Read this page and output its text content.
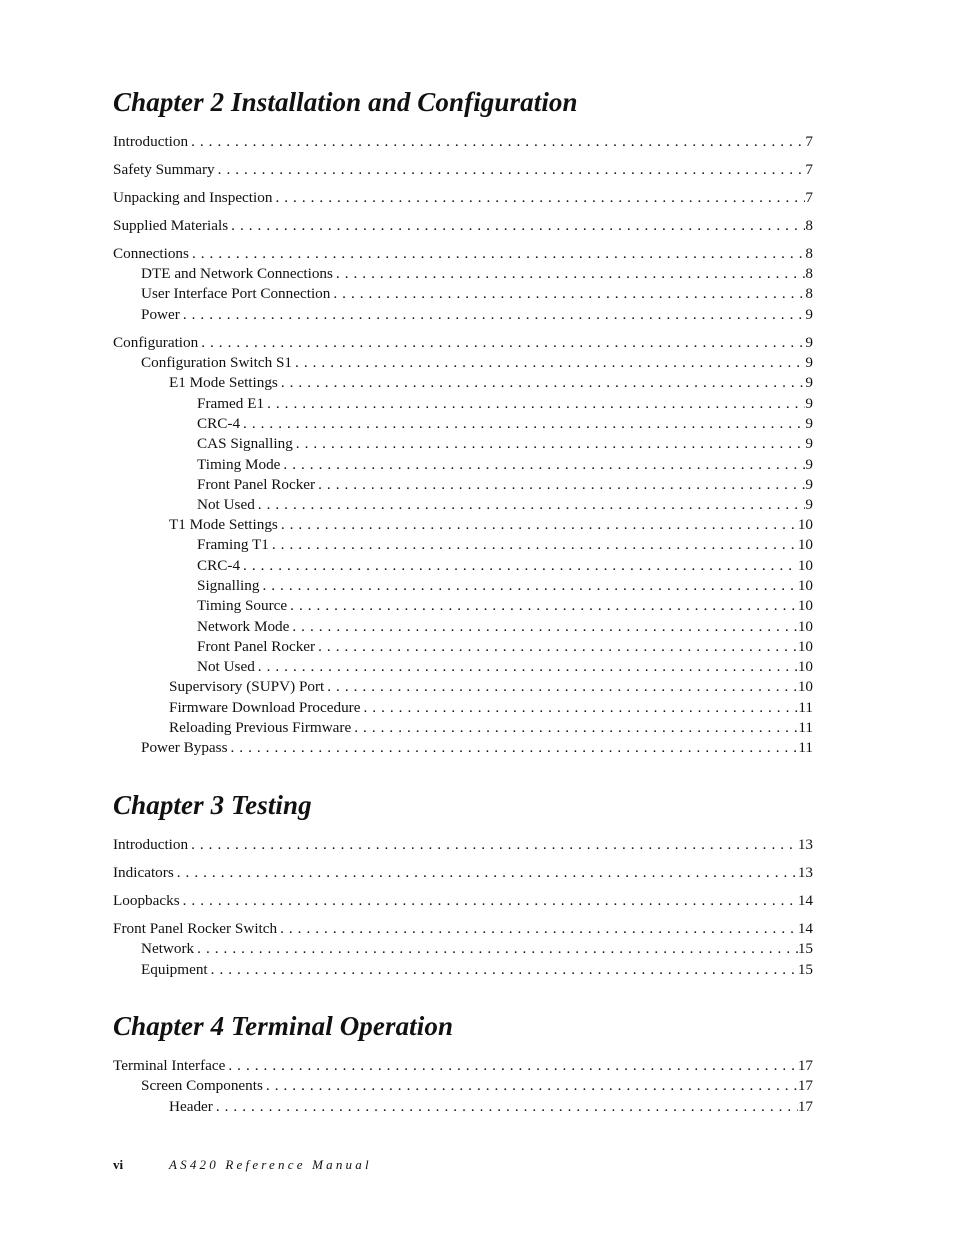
Chapter 2 Installation and Configuration
Introduction . . .	7
Safety Summary . . .	7
Unpacking and Inspection . . .	7
Supplied Materials . . .	8
Connections . . .	8
DTE and Network Connections . . .	8
User Interface Port Connection . . .	8
Power . . .	9
Configuration . . .	9
Configuration Switch S1 . . .	9
E1 Mode Settings . . .	9
Framed E1 . . .	9
CRC-4 . . .	9
CAS Signalling . . .	9
Timing Mode . . .	9
Front Panel Rocker . . .	9
Not Used . . .	9
T1 Mode Settings . . .	10
Framing T1 . . .	10
CRC-4 . . .	10
Signalling . . .	10
Timing Source . . .	10
Network Mode . . .	10
Front Panel Rocker . . .	10
Not Used . . .	10
Supervisory (SUPV) Port . . .	10
Firmware Download Procedure . . .	11
Reloading Previous Firmware . . .	11
Power Bypass . . .	11
Chapter 3 Testing
Introduction . . .	13
Indicators . . .	13
Loopbacks . . .	14
Front Panel Rocker Switch . . .	14
Network . . .	15
Equipment . . .	15
Chapter 4 Terminal Operation
Terminal Interface . . .	17
Screen Components . . .	17
Header . . .	17
vi	AS420 Reference Manual
